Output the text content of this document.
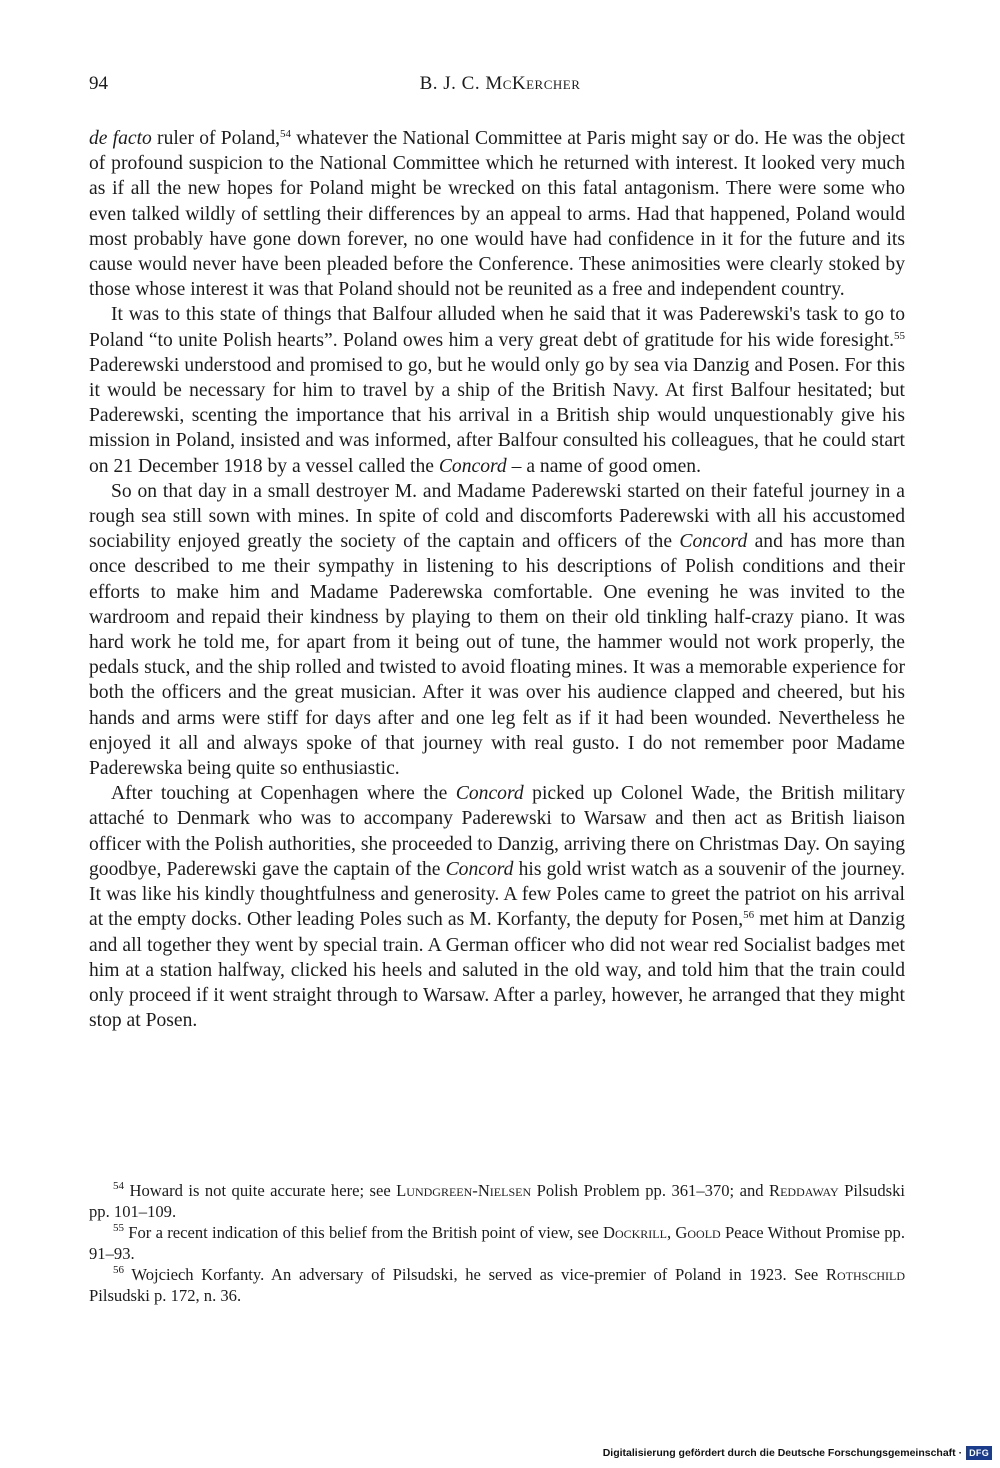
94	B. J. C. McKercher

de facto ruler of Poland,$^{54}$ whatever the National Committee at Paris might say or do. He was the object of profound suspicion to the National Committee which he returned with interest. It looked very much as if all the new hopes for Poland might be wrecked on this fatal antagonism. There were some who even talked wildly of settling their differences by an appeal to arms. Had that happened, Poland would most probably have gone down forever, no one would have had confidence in it for the future and its cause would never have been pleaded before the Conference. These animosities were clearly stoked by those whose interest it was that Poland should not be reunited as a free and independent country.

It was to this state of things that Balfour alluded when he said that it was Paderewski's task to go to Poland “to unite Polish hearts”. Poland owes him a very great debt of gratitude for his wide foresight.$^{55}$ Paderewski understood and promised to go, but he would only go by sea via Danzig and Posen. For this it would be necessary for him to travel by a ship of the British Navy. At first Balfour hesitated; but Paderewski, scenting the importance that his arrival in a British ship would unquestionably give his mission in Poland, insisted and was informed, after Balfour consulted his colleagues, that he could start on 21 December 1918 by a vessel called the Concord – a name of good omen.

So on that day in a small destroyer M. and Madame Paderewski started on their fateful journey in a rough sea still sown with mines. In spite of cold and discomforts Paderewski with all his accustomed sociability enjoyed greatly the society of the captain and officers of the Concord and has more than once described to me their sympathy in listening to his descriptions of Polish conditions and their efforts to make him and Madame Paderewska comfortable. One evening he was invited to the wardroom and repaid their kindness by playing to them on their old tinkling half-crazy piano. It was hard work he told me, for apart from it being out of tune, the hammer would not work properly, the pedals stuck, and the ship rolled and twisted to avoid floating mines. It was a memorable experience for both the officers and the great musician. After it was over his audience clapped and cheered, but his hands and arms were stiff for days after and one leg felt as if it had been wounded. Nevertheless he enjoyed it all and always spoke of that journey with real gusto. I do not remember poor Madame Paderewska being quite so enthusiastic.

After touching at Copenhagen where the Concord picked up Colonel Wade, the British military attaché to Denmark who was to accompany Paderewski to Warsaw and then act as British liaison officer with the Polish authorities, she proceeded to Danzig, arriving there on Christmas Day. On saying goodbye, Paderewski gave the captain of the Concord his gold wrist watch as a souvenir of the journey. It was like his kindly thoughtfulness and generosity. A few Poles came to greet the patriot on his arrival at the empty docks. Other leading Poles such as M. Korfanty, the deputy for Posen,$^{56}$ met him at Danzig and all together they went by special train. A German officer who did not wear red Socialist badges met him at a station halfway, clicked his heels and saluted in the old way, and told him that the train could only proceed if it went straight through to Warsaw. After a parley, however, he arranged that they might stop at Posen.

$^{54}$ Howard is not quite accurate here; see Lundgreen-Nielsen Polish Problem pp. 361–370; and Reddaway Pilsudski pp. 101–109.

$^{55}$ For a recent indication of this belief from the British point of view, see Dockrill, Goold Peace Without Promise pp. 91–93.

$^{56}$ Wojciech Korfanty. An adversary of Pilsudski, he served as vice-premier of Poland in 1923. See Rothschild Pilsudski p. 172, n. 36.

Digitalisierung gefördert durch die Deutsche Forschungsgemeinschaft · DFG
